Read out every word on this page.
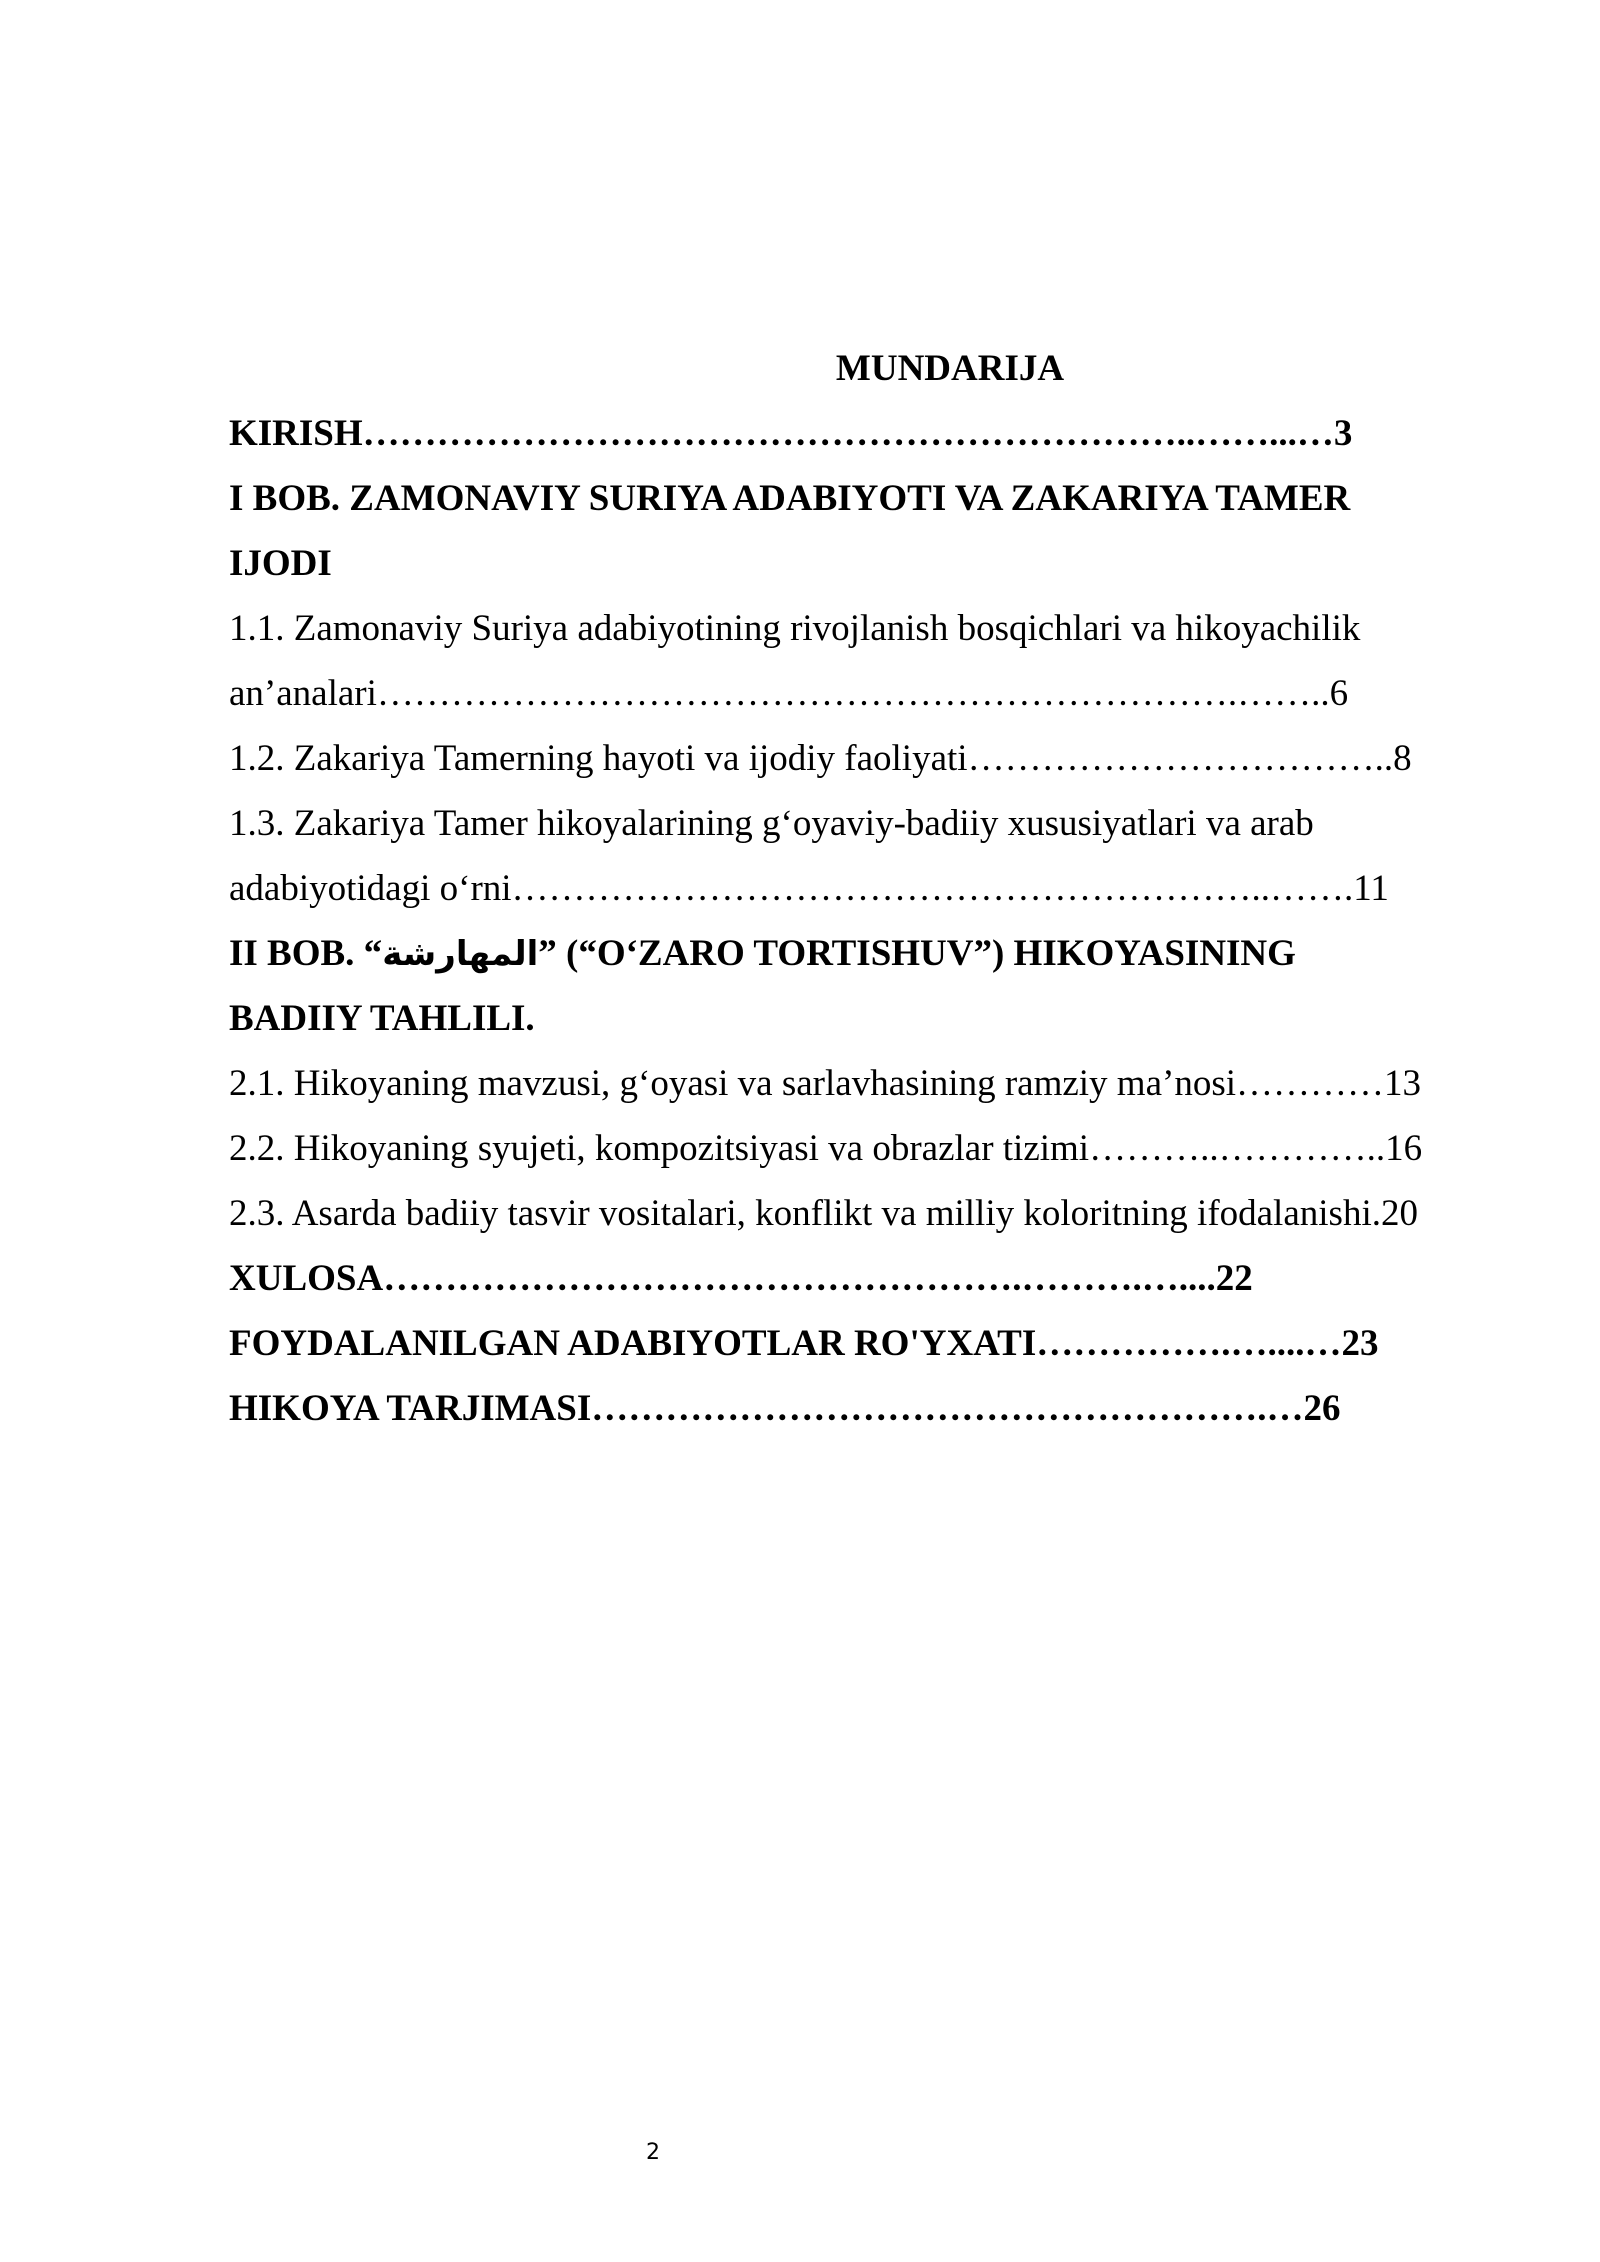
MUNDARIJA
KIRISH…………………………………………………………..……...…3
I BOB. ZAMONAVIY SURIYA ADABIYOTI VA ZAKARIYA TAMER
IJODI
1.1. Zamonaviy Suriya adabiyotining rivojlanish bosqichlari va hikoyachilik
an’analari…………………………………………………………….……..6
1.2. Zakariya Tamerning hayoti va ijodiy faoliyati……………………………..8
1.3. Zakariya Tamer hikoyalarining g‘oyaviy-badiiy xususiyatlari va arab
adabiyotidagi o‘rni……………………………………………………..…….11
II BOB. “المهارشة” (“O‘ZARO TORTISHUV”) HIKOYASINING
BADIIY TAHLILI.
2.1. Hikoyaning mavzusi, g‘oyasi va sarlavhasining ramziy ma’nosi…………13
2.2. Hikoyaning syujeti, kompozitsiyasi va obrazlar tizimi………..…………..16
2.3. Asarda badiiy tasvir vositalari, konflikt va milliy koloritning ifodalanishi.20
XULOSA…………………………………………….……….…....22
FOYDALANILGAN ADABIYOTLAR RO'YXATI…………….…....…23
HIKOYA TARJIMASI……………………………………………….…26
2
